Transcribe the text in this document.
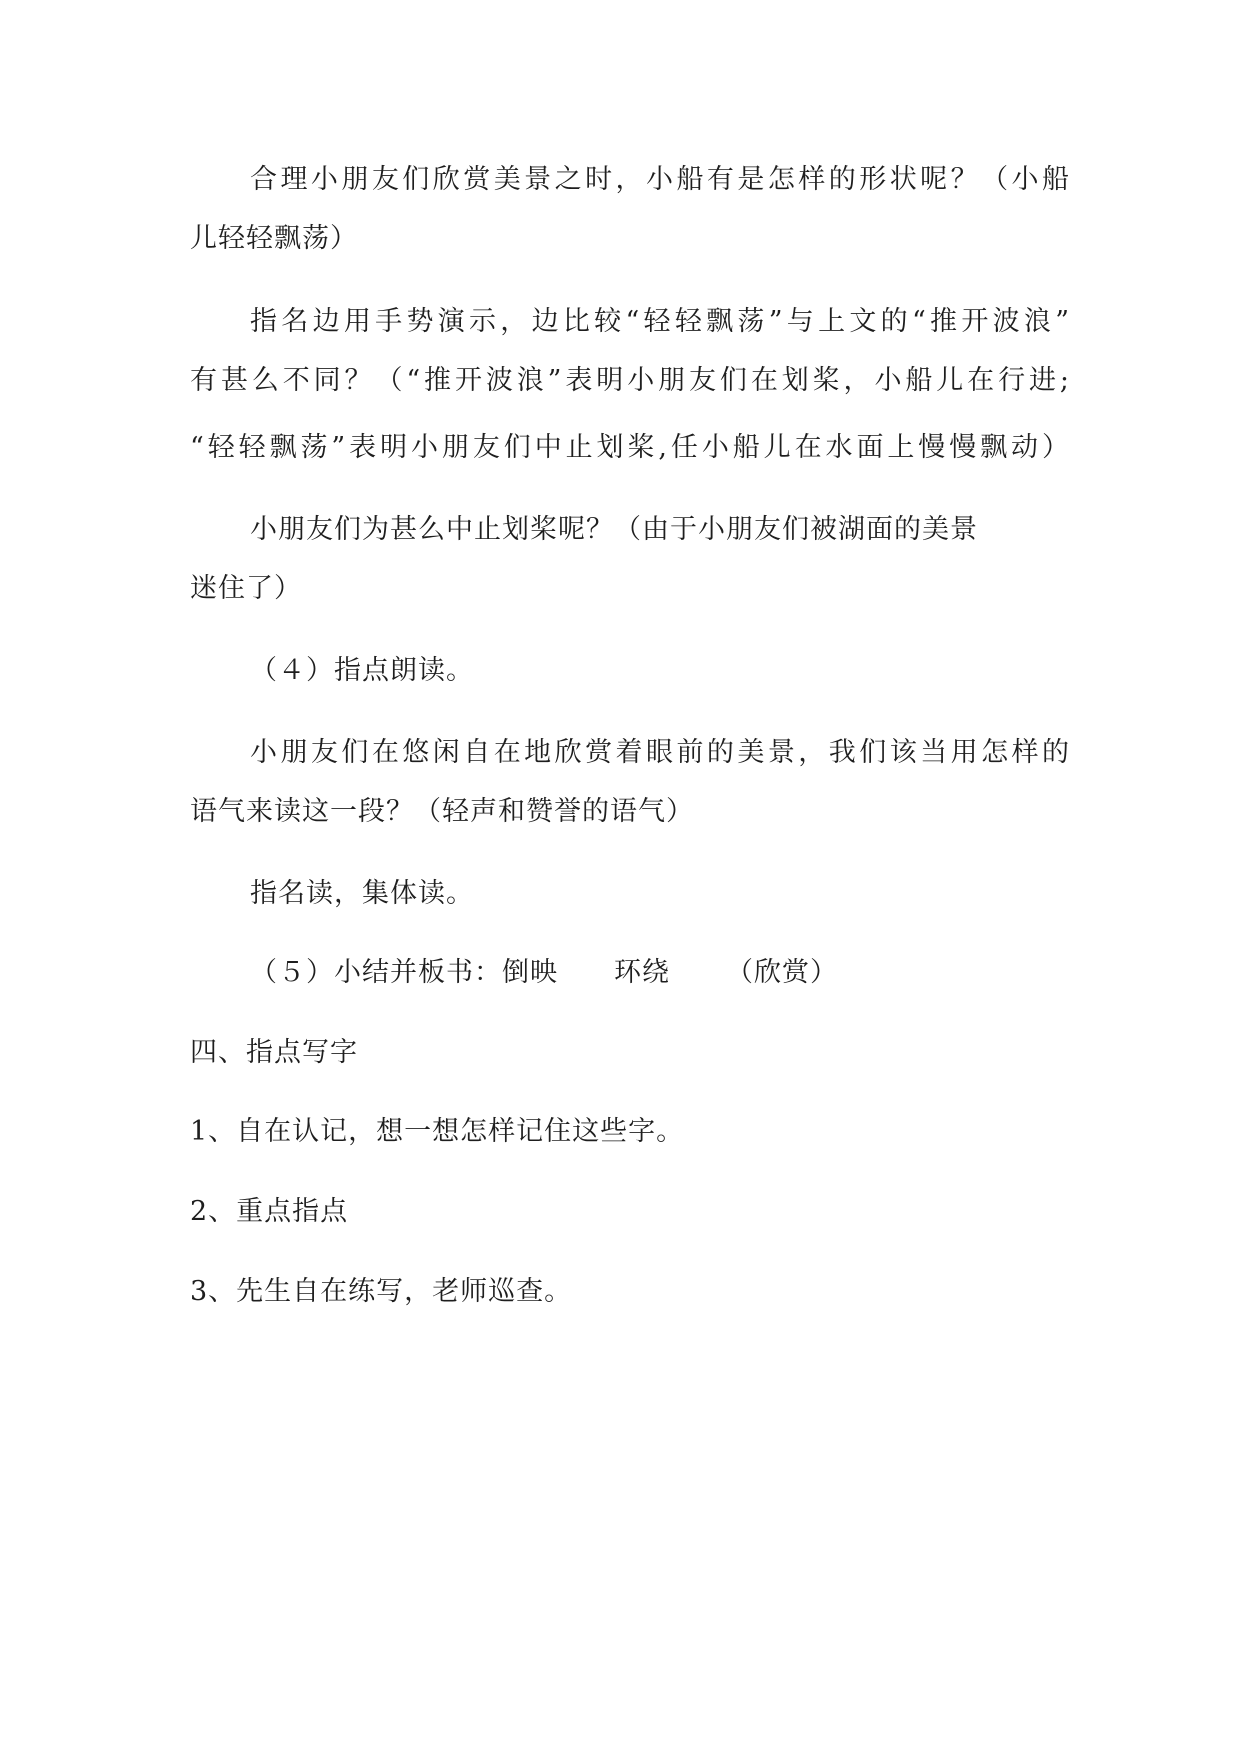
合理小朋友们欣赏美景之时，小船有是怎样的形状呢？（小船
儿轻轻飘荡）
指名边用手势演示，边比较“轻轻飘荡”与上文的“推开波浪”
有甚么不同？（“推开波浪”表明小朋友们在划桨，小船儿在行进;
“轻轻飘荡”表明小朋友们中止划桨,任小船儿在水面上慢慢飘动）
小朋友们为甚么中止划桨呢？（由于小朋友们被湖面的美景
迷住了）
（４）指点朗读。
小朋友们在悠闲自在地欣赏着眼前的美景，我们该当用怎样的
语气来读这一段？（轻声和赞誉的语气）
指名读，集体读。
（５）小结并板书：倒映 环绕 （欣赏）
四、指点写字
1、自在认记，想一想怎样记住这些字。
2、重点指点
3、先生自在练写，老师巡查。
